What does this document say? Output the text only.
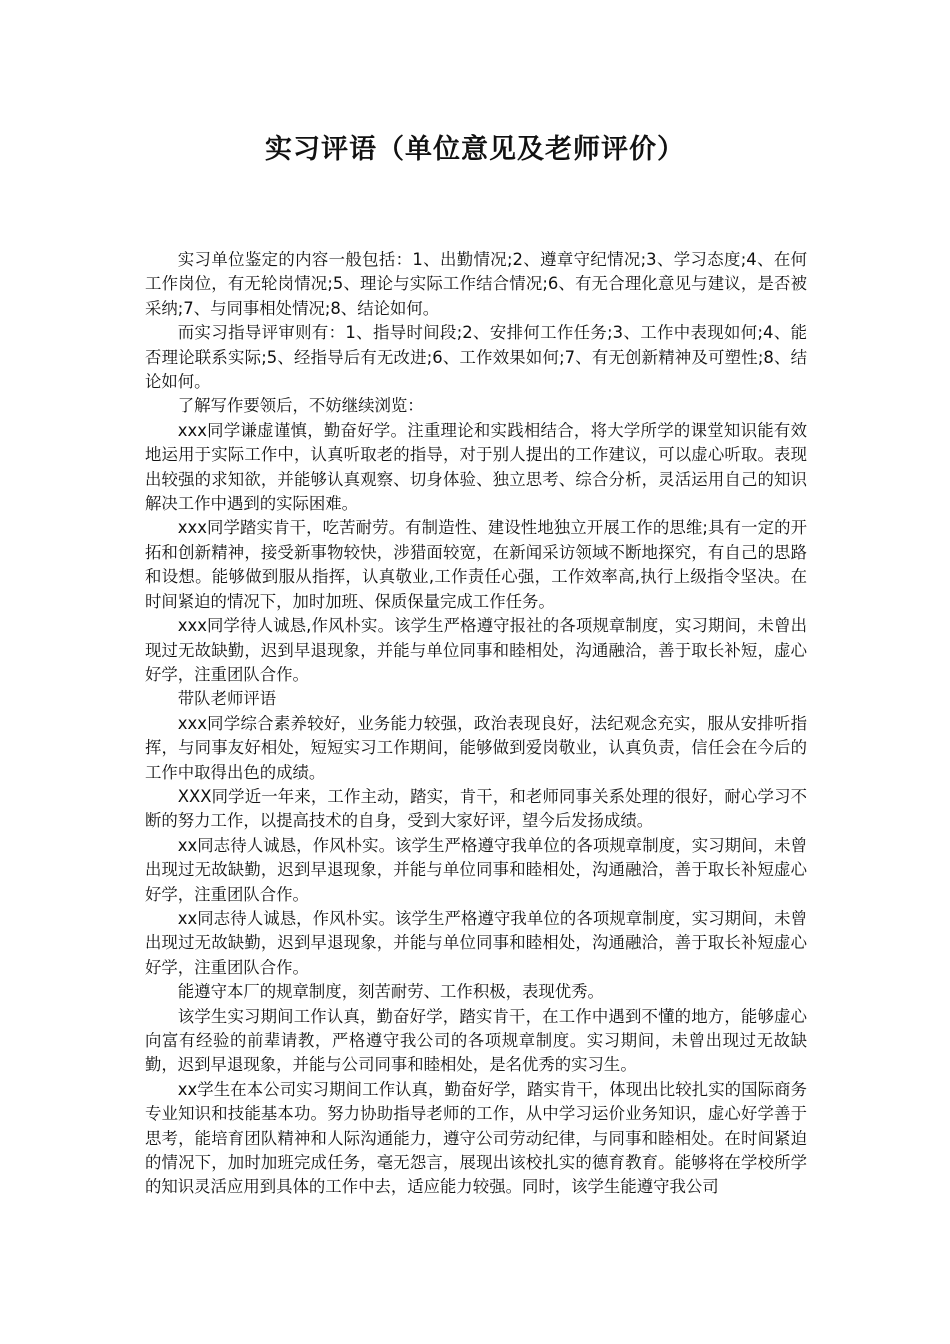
实习评语（单位意见及老师评价）

实习单位鉴定的内容一般包括：1、出勤情况;2、遵章守纪情况;3、学习态度;4、在何工作岗位，有无轮岗情况;5、理论与实际工作结合情况;6、有无合理化意见与建议，是否被采纳;7、与同事相处情况;8、结论如何。

而实习指导评审则有：1、指导时间段;2、安排何工作任务;3、工作中表现如何;4、能否理论联系实际;5、经指导后有无改进;6、工作效果如何;7、有无创新精神及可塑性;8、结论如何。

了解写作要领后，不妨继续浏览：

xxx同学谦虚谨慎，勤奋好学。注重理论和实践相结合，将大学所学的课堂知识能有效地运用于实际工作中，认真听取老的指导，对于别人提出的工作建议，可以虚心听取。表现出较强的求知欲，并能够认真观察、切身体验、独立思考、综合分析，灵活运用自己的知识解决工作中遇到的实际困难。

xxx同学踏实肯干，吃苦耐劳。有制造性、建设性地独立开展工作的思维;具有一定的开拓和创新精神，接受新事物较快，涉猎面较宽，在新闻采访领域不断地探究，有自己的思路和设想。能够做到服从指挥，认真敬业,工作责任心强，工作效率高,执行上级指令坚决。在时间紧迫的情况下，加时加班、保质保量完成工作任务。

xxx同学待人诚恳,作风朴实。该学生严格遵守报社的各项规章制度，实习期间，未曾出现过无故缺勤，迟到早退现象，并能与单位同事和睦相处，沟通融洽，善于取长补短，虚心好学，注重团队合作。

带队老师评语

xxx同学综合素养较好，业务能力较强，政治表现良好，法纪观念充实，服从安排听指挥，与同事友好相处，短短实习工作期间，能够做到爱岗敬业，认真负责，信任会在今后的工作中取得出色的成绩。

XXX同学近一年来，工作主动，踏实，肯干，和老师同事关系处理的很好，耐心学习不断的努力工作，以提高技术的自身，受到大家好评，望今后发扬成绩。

xx同志待人诚恳，作风朴实。该学生严格遵守我单位的各项规章制度，实习期间，未曾出现过无故缺勤，迟到早退现象，并能与单位同事和睦相处，沟通融洽，善于取长补短虚心好学，注重团队合作。

xx同志待人诚恳，作风朴实。该学生严格遵守我单位的各项规章制度，实习期间，未曾出现过无故缺勤，迟到早退现象，并能与单位同事和睦相处，沟通融洽，善于取长补短虚心好学，注重团队合作。

能遵守本厂的规章制度，刻苦耐劳、工作积极，表现优秀。

该学生实习期间工作认真，勤奋好学，踏实肯干，在工作中遇到不懂的地方，能够虚心向富有经验的前辈请教，严格遵守我公司的各项规章制度。实习期间，未曾出现过无故缺勤，迟到早退现象，并能与公司同事和睦相处，是名优秀的实习生。

xx学生在本公司实习期间工作认真，勤奋好学，踏实肯干，体现出比较扎实的国际商务专业知识和技能基本功。努力协助指导老师的工作，从中学习运价业务知识，虚心好学善于思考，能培育团队精神和人际沟通能力，遵守公司劳动纪律，与同事和睦相处。在时间紧迫的情况下，加时加班完成任务，毫无怨言，展现出该校扎实的德育教育。能够将在学校所学的知识灵活应用到具体的工作中去，适应能力较强。同时，该学生能遵守我公司
